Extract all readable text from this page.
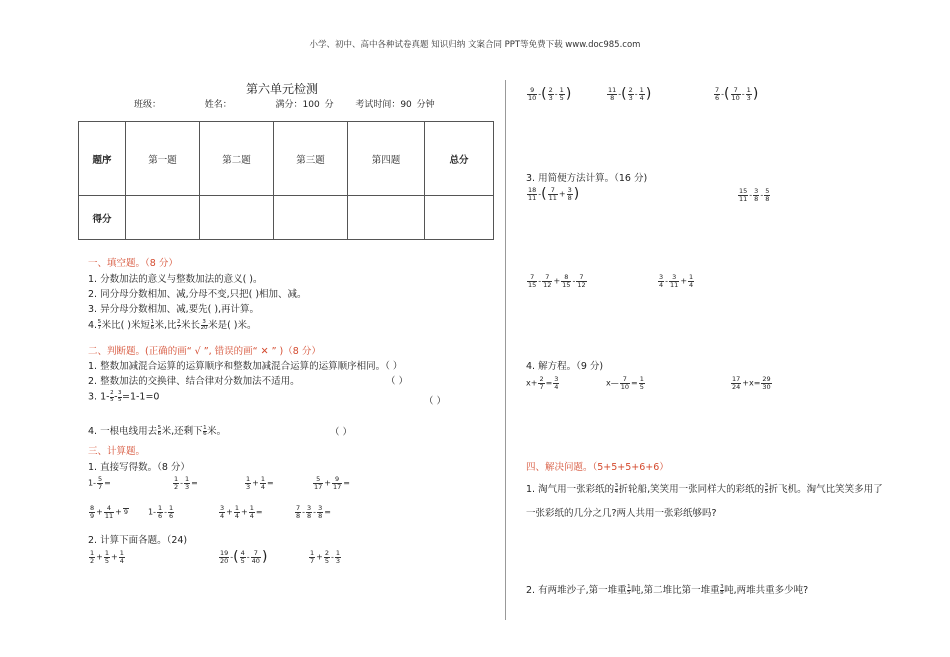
小学、初中、高中各种试卷真题 知识归纳 文案合同 PPT等免费下载 www.doc985.com
第六单元检测
班级：	姓名：	满分：100 分 考试时间：90 分钟
题序	第一题	第二题	第三题	第四题	总分
得分					
一、填空题。（8 分）
1. 分数加法的意义与整数加法的意义( )。
2. 同分母分数相加、减,分母不变,只把( )相加、减。
3. 异分母分数相加、减,要先( ),再计算。
4. $\frac{5}{7}$ 米比( )米短 $\frac{1}{6}$ 米,比 $\frac{2}{7}$ 米长 $\frac{3}{20}$ 米是( )米。
二、判断题。(正确的画“ √ ”, 错误的画“ ✕ ” )（8 分）
1. 整数加减混合运算的运算顺序和整数加减混合运算的运算顺序相同。（ ）
2. 整数加法的交换律、结合律对分数加法不适用。	（ ）
3. $1- \frac{2}{5} - \frac{3}{5} =1-1=0$	（ ）
4. 一根电线用去 $\frac{5}{6}$ 米,还剩下 $\frac{1}{6}$ 米。	（ ）
三、计算题。
1. 直接写得数。（8 分）
$1- \frac{5}{7}$ =	$\frac{1}{2} - \frac{1}{3}$ =	$\frac{1}{3} + \frac{1}{4}$ =	$\frac{5}{17} + \frac{9}{17}$ =
$\frac{8}{9} + \frac{4}{11} + 9$	$1- \frac{1}{6} - \frac{1}{6}$	$\frac{3}{4} + \frac{1}{4} + \frac{1}{4}$ =	$\frac{7}{8} - \frac{3}{8} - \frac{3}{8}$ =
2. 计算下面各题。（24)
$\frac{1}{2} + \frac{1}{5} + \frac{1}{4}$	$\frac{19}{20}$ -( $\frac{4}{5} - \frac{7}{40}$ )	$\frac{1}{7} + \frac{2}{5} - \frac{1}{3}$
$\frac{9}{10}$ -( $\frac{2}{3} - \frac{1}{5}$ )	$\frac{11}{8}$ -( $\frac{2}{3} - \frac{1}{4}$ )	$\frac{7}{6}$ -( $\frac{7}{10} - \frac{1}{3}$ )
3. 用简便方法计算。（16 分)
$\frac{18}{11}$ -( $\frac{7}{11} + \frac{3}{8}$ )	$\frac{15}{11} - \frac{3}{8} - \frac{5}{8}$
$\frac{7}{15} - \frac{7}{12} + \frac{8}{15} - \frac{7}{12}$	$\frac{3}{4} - \frac{3}{11} + \frac{1}{4}$
4. 解方程。（9 分)
$x+ \frac{2}{7} = \frac{3}{4}$	x— $\frac{7}{10} = \frac{1}{5}$	$\frac{17}{24} +x= \frac{29}{30}$
四、解决问题。（5+5+5+6+6）
1. 淘气用一张彩纸的 $\frac{3}{4}$ 折轮船,笑笑用一张同样大的彩纸的 $\frac{3}{5}$ 折飞机。淘气比笑笑多用了
一张彩纸的几分之几?两人共用一张彩纸够吗?
2. 有两堆沙子,第一堆重 $\frac{1}{5}$ 吨,第二堆比第一堆重 $\frac{3}{8}$ 吨,两堆共重多少吨?
